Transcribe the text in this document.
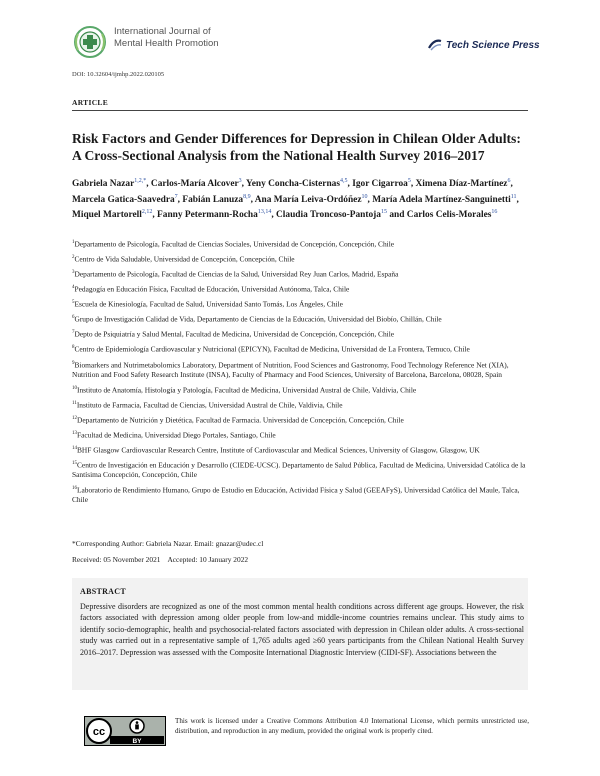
International Journal of
Mental Health Promotion	Tech Science Press
DOI: 10.32604/ijmhp.2022.020105
ARTICLE
Risk Factors and Gender Differences for Depression in Chilean Older Adults: A Cross-Sectional Analysis from the National Health Survey 2016–2017
Gabriela Nazar$^{1,2,*}$, Carlos-María Alcover$^3$, Yeny Concha-Cisternas$^{4,5}$, Igor Cigarroa$^5$, Ximena Díaz-Martínez$^6$, Marcela Gatica-Saavedra$^7$, Fabián Lanuza$^{8,9}$, Ana María Leiva-Ordóñez$^{10}$, María Adela Martínez-Sanguinetti$^{11}$, Miquel Martorell$^{2,12}$, Fanny Petermann-Rocha$^{13,14}$, Claudia Troncoso-Pantoja$^{15}$ and Carlos Celis-Morales$^{16}$
$^1$Departamento de Psicología, Facultad de Ciencias Sociales, Universidad de Concepción, Concepción, Chile
$^2$Centro de Vida Saludable, Universidad de Concepción, Concepción, Chile
$^3$Departamento de Psicología, Facultad de Ciencias de la Salud, Universidad Rey Juan Carlos, Madrid, España
$^4$Pedagogía en Educación Física, Facultad de Educación, Universidad Autónoma, Talca, Chile
$^5$Escuela de Kinesiología, Facultad de Salud, Universidad Santo Tomás, Los Ángeles, Chile
$^6$Grupo de Investigación Calidad de Vida, Departamento de Ciencias de la Educación, Universidad del Biobío, Chillán, Chile
$^7$Depto de Psiquiatría y Salud Mental, Facultad de Medicina, Universidad de Concepción, Concepción, Chile
$^8$Centro de Epidemiología Cardiovascular y Nutricional (EPICYN), Facultad de Medicina, Universidad de La Frontera, Temuco, Chile
$^9$Biomarkers and Nutrimetabolomics Laboratory, Department of Nutrition, Food Sciences and Gastronomy, Food Technology Reference Net (XIA), Nutrition and Food Safety Research Institute (INSA), Faculty of Pharmacy and Food Sciences, University of Barcelona, Barcelona, 08028, Spain
$^{10}$Instituto de Anatomía, Histología y Patología, Facultad de Medicina, Universidad Austral de Chile, Valdivia, Chile
$^{11}$Instituto de Farmacia, Facultad de Ciencias, Universidad Austral de Chile, Valdivia, Chile
$^{12}$Departamento de Nutrición y Dietética, Facultad de Farmacia. Universidad de Concepción, Concepción, Chile
$^{13}$Facultad de Medicina, Universidad Diego Portales, Santiago, Chile
$^{14}$BHF Glasgow Cardiovascular Research Centre, Institute of Cardiovascular and Medical Sciences, University of Glasgow, Glasgow, UK
$^{15}$Centro de Investigación en Educación y Desarrollo (CIEDE-UCSC). Departamento de Salud Pública, Facultad de Medicina, Universidad Católica de la Santísima Concepción, Concepción, Chile
$^{16}$Laboratorio de Rendimiento Humano, Grupo de Estudio en Educación, Actividad Física y Salud (GEEAFyS), Universidad Católica del Maule, Talca, Chile
*Corresponding Author: Gabriela Nazar. Email: gnazar@udec.cl
Received: 05 November 2021    Accepted: 10 January 2022
ABSTRACT
Depressive disorders are recognized as one of the most common mental health conditions across different age groups. However, the risk factors associated with depression among older people from low-and middle-income countries remains unclear. This study aims to identify socio-demographic, health and psychosocial-related factors associated with depression in Chilean older adults. A cross-sectional study was carried out in a representative sample of 1,765 adults aged ≥60 years participants from the Chilean National Health Survey 2016–2017. Depression was assessed with the Composite International Diagnostic Interview (CIDI-SF). Associations between the
cc
BY
This work is licensed under a Creative Commons Attribution 4.0 International License, which permits unrestricted use, distribution, and reproduction in any medium, provided the original work is properly cited.
